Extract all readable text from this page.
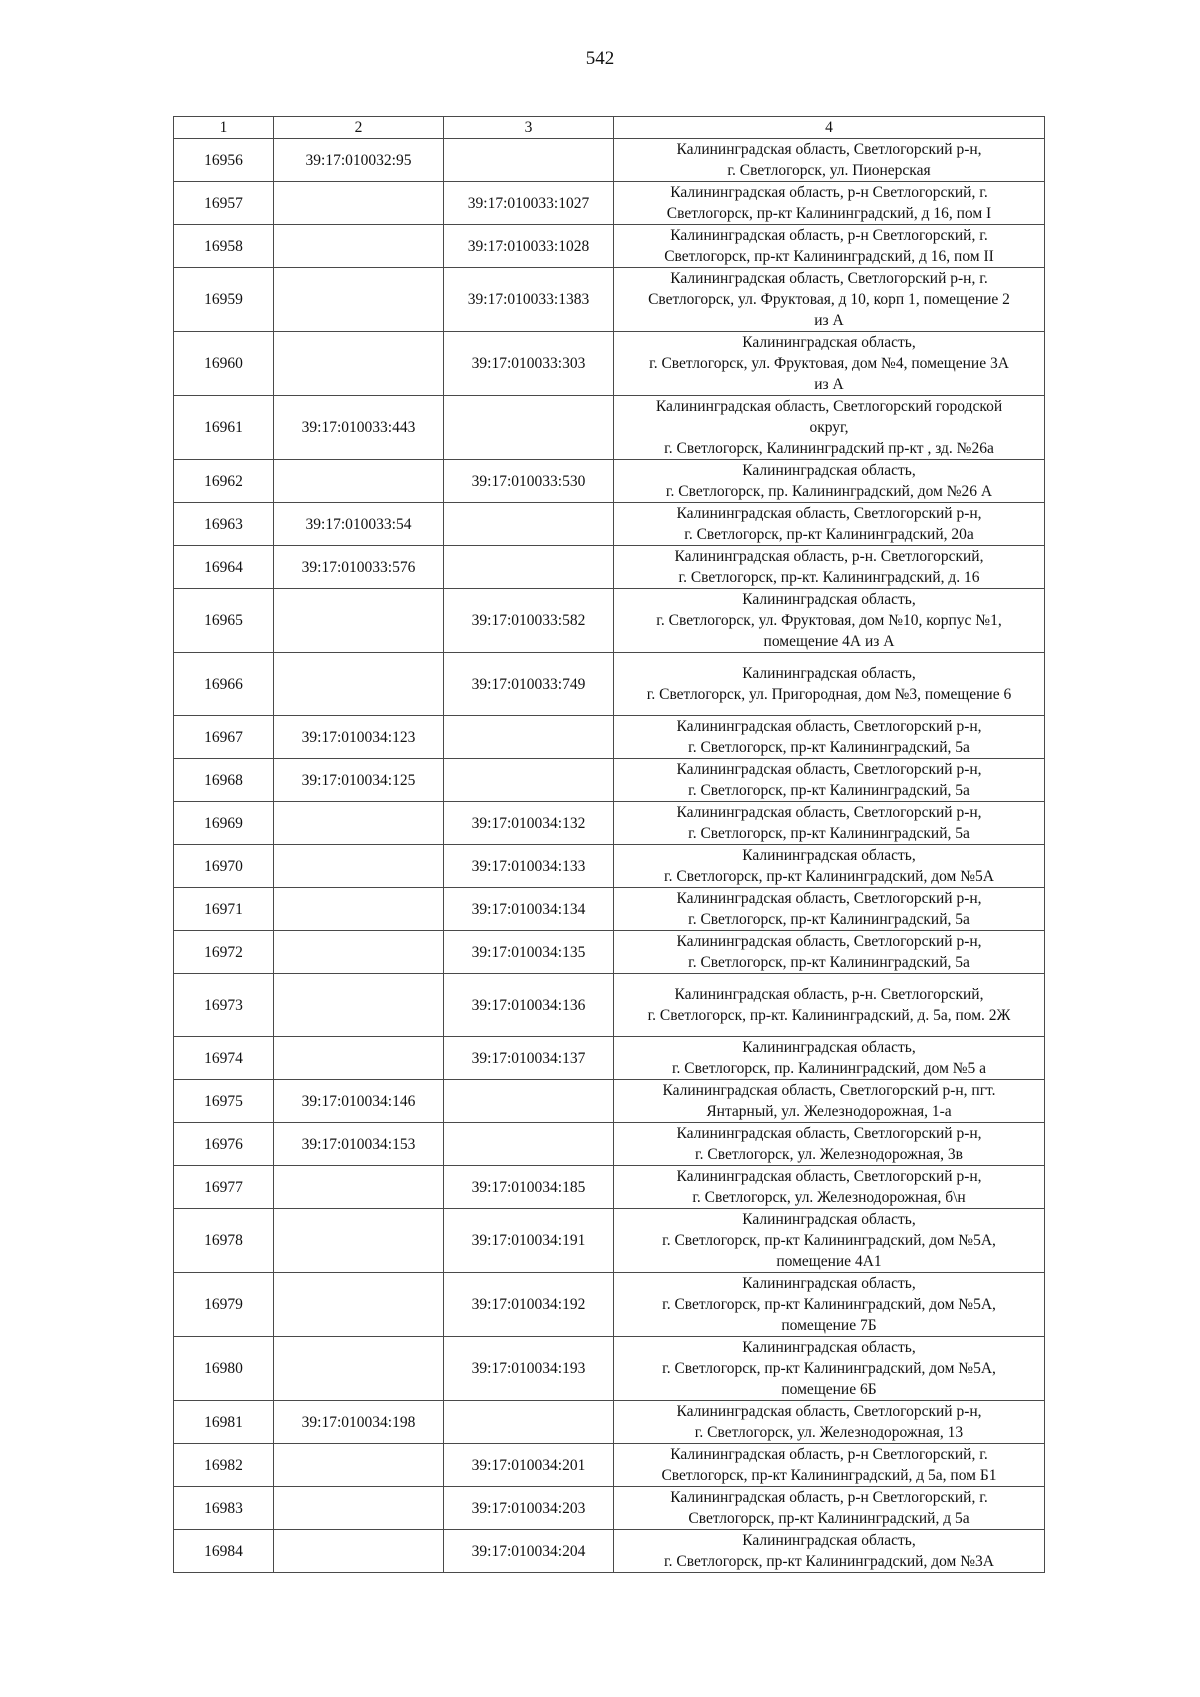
542
1	2	3	4
16956	39:17:010032:95		Калининградская область, Светлогорский р-н,
г. Светлогорск, ул. Пионерская
16957		39:17:010033:1027	Калининградская область, р-н Светлогорский, г.
Светлогорск, пр-кт Калининградский, д 16, пом I
16958		39:17:010033:1028	Калининградская область, р-н Светлогорский, г.
Светлогорск, пр-кт Калининградский, д 16, пом II
16959		39:17:010033:1383	Калининградская область, Светлогорский р-н, г.
Светлогорск, ул. Фруктовая, д 10, корп 1, помещение 2
из А
16960		39:17:010033:303	Калининградская область,
г. Светлогорск, ул. Фруктовая, дом №4, помещение 3А
из А
16961	39:17:010033:443		Калининградская область, Светлогорский городской
округ,
г. Светлогорск, Калининградский пр-кт , зд. №26а
16962		39:17:010033:530	Калининградская область,
г. Светлогорск, пр. Калининградский, дом №26 А
16963	39:17:010033:54		Калининградская область, Светлогорский р-н,
г. Светлогорск, пр-кт Калининградский, 20а
16964	39:17:010033:576		Калининградская область, р-н. Светлогорский,
г. Светлогорск, пр-кт. Калининградский, д. 16
16965		39:17:010033:582	Калининградская область,
г. Светлогорск, ул. Фруктовая, дом №10, корпус №1,
помещение 4А из А
16966		39:17:010033:749	Калининградская область,
г. Светлогорск, ул. Пригородная, дом №3, помещение 6
16967	39:17:010034:123		Калининградская область, Светлогорский р-н,
г. Светлогорск, пр-кт Калининградский, 5а
16968	39:17:010034:125		Калининградская область, Светлогорский р-н,
г. Светлогорск, пр-кт Калининградский, 5а
16969		39:17:010034:132	Калининградская область, Светлогорский р-н,
г. Светлогорск, пр-кт Калининградский, 5а
16970		39:17:010034:133	Калининградская область,
г. Светлогорск, пр-кт Калининградский, дом №5А
16971		39:17:010034:134	Калининградская область, Светлогорский р-н,
г. Светлогорск, пр-кт Калининградский, 5а
16972		39:17:010034:135	Калининградская область, Светлогорский р-н,
г. Светлогорск, пр-кт Калининградский, 5а
16973		39:17:010034:136	Калининградская область, р-н. Светлогорский,
г. Светлогорск, пр-кт. Калининградский, д. 5а, пом. 2Ж
16974		39:17:010034:137	Калининградская область,
г. Светлогорск, пр. Калининградский, дом №5 а
16975	39:17:010034:146		Калининградская область, Светлогорский р-н, пгт.
Янтарный, ул. Железнодорожная, 1-а
16976	39:17:010034:153		Калининградская область, Светлогорский р-н,
г. Светлогорск, ул. Железнодорожная, 3в
16977		39:17:010034:185	Калининградская область, Светлогорский р-н,
г. Светлогорск, ул. Железнодорожная, б\н
16978		39:17:010034:191	Калининградская область,
г. Светлогорск, пр-кт Калининградский, дом №5А,
помещение 4А1
16979		39:17:010034:192	Калининградская область,
г. Светлогорск, пр-кт Калининградский, дом №5А,
помещение 7Б
16980		39:17:010034:193	Калининградская область,
г. Светлогорск, пр-кт Калининградский, дом №5А,
помещение 6Б
16981	39:17:010034:198		Калининградская область, Светлогорский р-н,
г. Светлогорск, ул. Железнодорожная, 13
16982		39:17:010034:201	Калининградская область, р-н Светлогорский, г.
Светлогорск, пр-кт Калининградский, д 5а, пом Б1
16983		39:17:010034:203	Калининградская область, р-н Светлогорский, г.
Светлогорск, пр-кт Калининградский, д 5а
16984		39:17:010034:204	Калининградская область,
г. Светлогорск, пр-кт Калининградский, дом №3А
